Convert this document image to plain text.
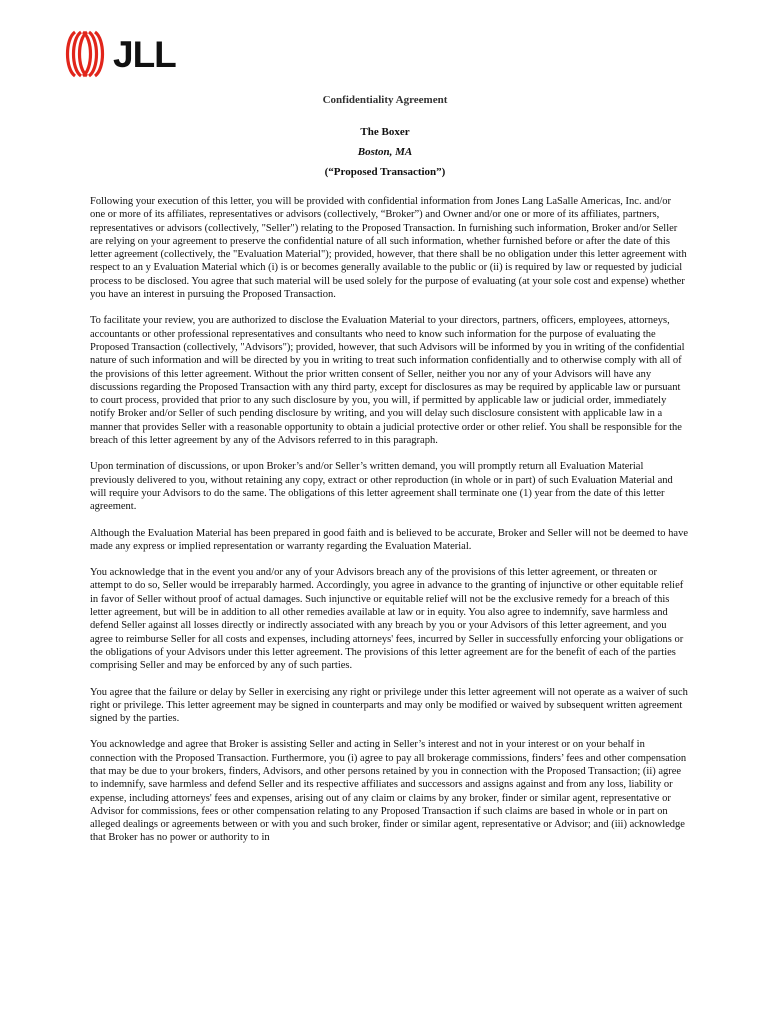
JLL
Confidentiality Agreement
The Boxer
Boston, MA
(“Proposed Transaction”)

Following your execution of this letter, you will be provided with confidential information from Jones Lang LaSalle Americas, Inc. and/or one or more of its affiliates, representatives or advisors (collectively, “Broker”) and Owner and/or one or more of its affiliates, partners, representatives or advisors (collectively, "Seller") relating to the Proposed Transaction. In furnishing such information, Broker and/or Seller are relying on your agreement to preserve the confidential nature of all such information, whether furnished before or after the date of this letter agreement (collectively, the "Evaluation Material"); provided, however, that there shall be no obligation under this letter agreement with respect to an y Evaluation Material which (i) is or becomes generally available to the public or (ii) is required by law or requested by judicial process to be disclosed. You agree that such material will be used solely for the purpose of evaluating (at your sole cost and expense) whether you have an interest in pursuing the Proposed Transaction.

To facilitate your review, you are authorized to disclose the Evaluation Material to your directors, partners, officers, employees, attorneys, accountants or other professional representatives and consultants who need to know such information for the purpose of evaluating the Proposed Transaction (collectively, "Advisors"); provided, however, that such Advisors will be informed by you in writing of the confidential nature of such information and will be directed by you in writing to treat such information confidentially and to otherwise comply with all of the provisions of this letter agreement. Without the prior written consent of Seller, neither you nor any of your Advisors will have any discussions regarding the Proposed Transaction with any third party, except for disclosures as may be required by applicable law or pursuant to court process, provided that prior to any such disclosure by you, you will, if permitted by applicable law or judicial order, immediately notify Broker and/or Seller of such pending disclosure by writing, and you will delay such disclosure consistent with applicable law in a manner that provides Seller with a reasonable opportunity to obtain a judicial protective order or other relief. You shall be responsible for the breach of this letter agreement by any of the Advisors referred to in this paragraph.

Upon termination of discussions, or upon Broker’s and/or Seller’s written demand, you will promptly return all Evaluation Material previously delivered to you, without retaining any copy, extract or other reproduction (in whole or in part) of such Evaluation Material and will require your Advisors to do the same. The obligations of this letter agreement shall terminate one (1) year from the date of this letter agreement.

Although the Evaluation Material has been prepared in good faith and is believed to be accurate, Broker and Seller will not be deemed to have made any express or implied representation or warranty regarding the Evaluation Material.

You acknowledge that in the event you and/or any of your Advisors breach any of the provisions of this letter agreement, or threaten or attempt to do so, Seller would be irreparably harmed. Accordingly, you agree in advance to the granting of injunctive or other equitable relief in favor of Seller without proof of actual damages. Such injunctive or equitable relief will not be the exclusive remedy for a breach of this letter agreement, but will be in addition to all other remedies available at law or in equity. You also agree to indemnify, save harmless and defend Seller against all losses directly or indirectly associated with any breach by you or your Advisors of this letter agreement, and you agree to reimburse Seller for all costs and expenses, including attorneys' fees, incurred by Seller in successfully enforcing your obligations or the obligations of your Advisors under this letter agreement. The provisions of this letter agreement are for the benefit of each of the parties comprising Seller and may be enforced by any of such parties.

You agree that the failure or delay by Seller in exercising any right or privilege under this letter agreement will not operate as a waiver of such right or privilege. This letter agreement may be signed in counterparts and may only be modified or waived by subsequent written agreement signed by the parties.

You acknowledge and agree that Broker is assisting Seller and acting in Seller’s interest and not in your interest or on your behalf in connection with the Proposed Transaction. Furthermore, you (i) agree to pay all brokerage commissions, finders’ fees and other compensation that may be due to your brokers, finders, Advisors, and other persons retained by you in connection with the Proposed Transaction; (ii) agree to indemnify, save harmless and defend Seller and its respective affiliates and successors and assigns against and from any loss, liability or expense, including attorneys' fees and expenses, arising out of any claim or claims by any broker, finder or similar agent, representative or Advisor for commissions, fees or other compensation relating to any Proposed Transaction if such claims are based in whole or in part on alleged dealings or agreements between or with you and such broker, finder or similar agent, representative or Advisor; and (iii) acknowledge that Broker has no power or authority to in
